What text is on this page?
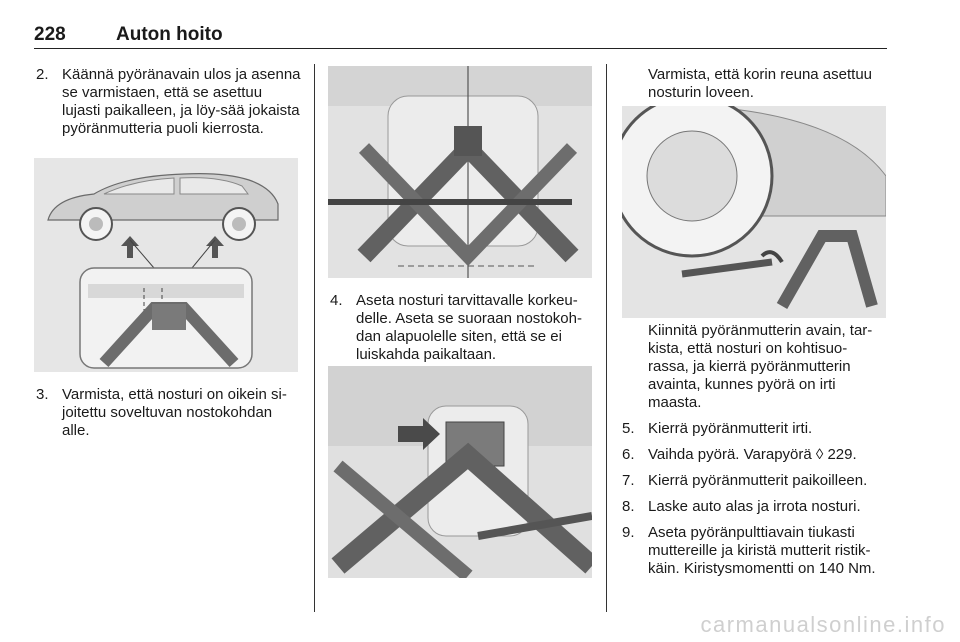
228	Auton hoito
2. Käännä pyöränavain ulos ja asenna se varmistaen, että se asettuu lujasti paikalleen, ja löy-sää jokaista pyöränmutteria puoli kierrosta.
3. Varmista, että nosturi on oikein si-joitettu soveltuvan nostokohdan alle.
4. Aseta nosturi tarvittavalle korkeu-delle. Aseta se suoraan nostokoh-dan alapuolelle siten, että se ei luiskahda paikaltaan.

Varmista, että korin reuna asettuu nosturin loveen.

Kiinnitä pyöränmutterin avain, tar-kista, että nosturi on kohtisuo-rassa, ja kierrä pyöränmutterin avainta, kunnes pyörä on irti maasta.

5. Kierrä pyöränmutterit irti.
6. Vaihda pyörä. Varapyörä ◊ 229.
7. Kierrä pyöränmutterit paikoilleen.
8. Laske auto alas ja irrota nosturi.
9. Aseta pyöränpulttiavain tiukasti muttereille ja kiristä mutterit ristik-käin. Kiristysmomentti on 140 Nm.
carmanualsonline.info
